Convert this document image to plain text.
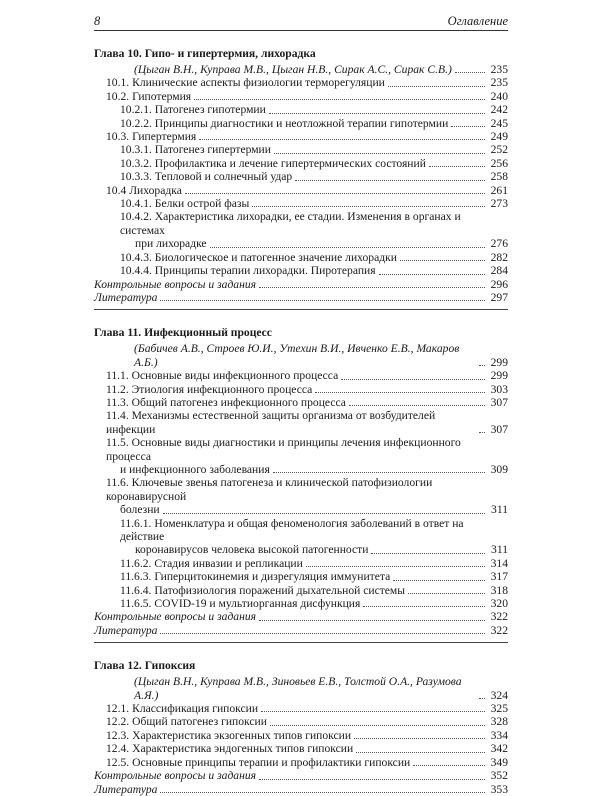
8	Оглавление
Глава 10. Гипо- и гипертермия, лихорадка
(Цыган В.Н., Куправа М.В., Цыган Н.В., Сирак А.С., Сирак С.В.)	235
10.1. Клинические аспекты физиологии терморегуляции	235
10.2. Гипотермия	240
10.2.1. Патогенез гипотермии	242
10.2.2. Принципы диагностики и неотложной терапии гипотермии	245
10.3. Гипертермия	249
10.3.1. Патогенез гипертермии	252
10.3.2. Профилактика и лечение гипертермических состояний	256
10.3.3. Тепловой и солнечный удар	258
10.4 Лихорадка	261
10.4.1. Белки острой фазы	273
10.4.2. Характеристика лихорадки, ее стадии. Изменения в органах и системах
при лихорадке	276
10.4.3. Биологическое и патогенное значение лихорадки	282
10.4.4. Принципы терапии лихорадки. Пиротерапия	284
Контрольные вопросы и задания	296
Литература	297
Глава 11. Инфекционный процесс
(Бабичев А.В., Строев Ю.И., Утехин В.И., Ивченко Е.В., Макаров А.Б.)	299
11.1. Основные виды инфекционного процесса	299
11.2. Этиология инфекционного процесса	303
11.3. Общий патогенез инфекционного процесса	307
11.4. Механизмы естественной защиты организма от возбудителей инфекции	307
11.5. Основные виды диагностики и принципы лечения инфекционного процесса
и инфекционного заболевания	309
11.6. Ключевые звенья патогенеза и клинической патофизиологии коронавирусной
болезни	311
11.6.1. Номенклатура и общая феноменология заболеваний в ответ на действие
коронавирусов человека высокой патогенности	311
11.6.2. Стадия инвазии и репликации	314
11.6.3. Гиперцитокинемия и дизрегуляция иммунитета	317
11.6.4. Патофизиология поражений дыхательной системы	318
11.6.5. COVID-19 и мультиорганная дисфункция	320
Контрольные вопросы и задания	322
Литература	322
Глава 12. Гипоксия
(Цыган В.Н., Куправа М.В., Зиновьев Е.В., Толстой О.А., Разумова А.Я.)	324
12.1. Классификация гипоксии	325
12.2. Общий патогенез гипоксии	328
12.3. Характеристика экзогенных типов гипоксии	334
12.4. Характеристика эндогенных типов гипоксии	342
12.5. Основные принципы терапии и профилактики гипоксии	349
Контрольные вопросы и задания	352
Литература	353
